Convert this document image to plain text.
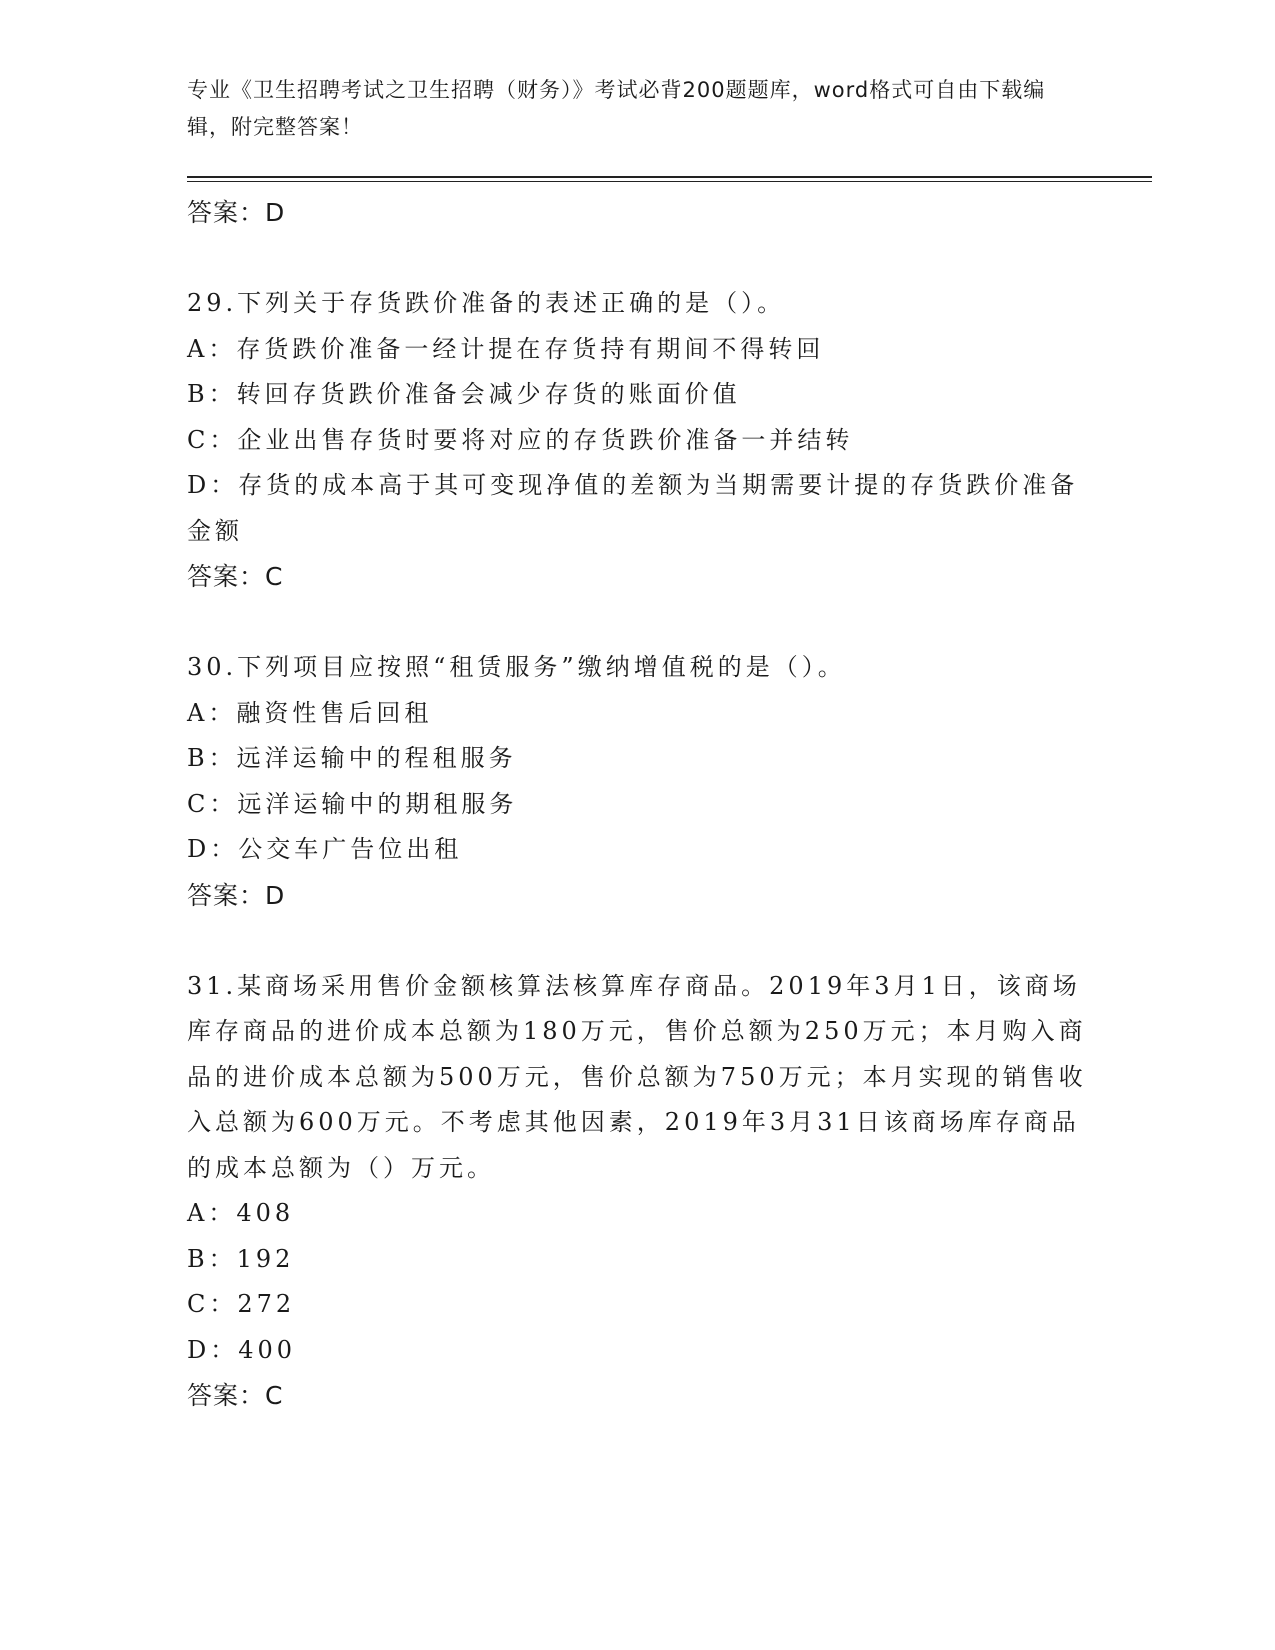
专业《卫生招聘考试之卫生招聘（财务）》考试必背200题题库，word格式可自由下载编辑，附完整答案！
答案：D
29.下列关于存货跌价准备的表述正确的是（）。
A：存货跌价准备一经计提在存货持有期间不得转回
B：转回存货跌价准备会减少存货的账面价值
C：企业出售存货时要将对应的存货跌价准备一并结转
D：存货的成本高于其可变现净值的差额为当期需要计提的存货跌价准备金额
答案：C
30.下列项目应按照“租赁服务”缴纳增值税的是（）。
A：融资性售后回租
B：远洋运输中的程租服务
C：远洋运输中的期租服务
D：公交车广告位出租
答案：D
31.某商场采用售价金额核算法核算库存商品。2019年3月1日，该商场库存商品的进价成本总额为180万元，售价总额为250万元；本月购入商品的进价成本总额为500万元，售价总额为750万元；本月实现的销售收入总额为600万元。不考虑其他因素，2019年3月31日该商场库存商品的成本总额为（）万元。
A：408
B：192
C：272
D：400
答案：C
